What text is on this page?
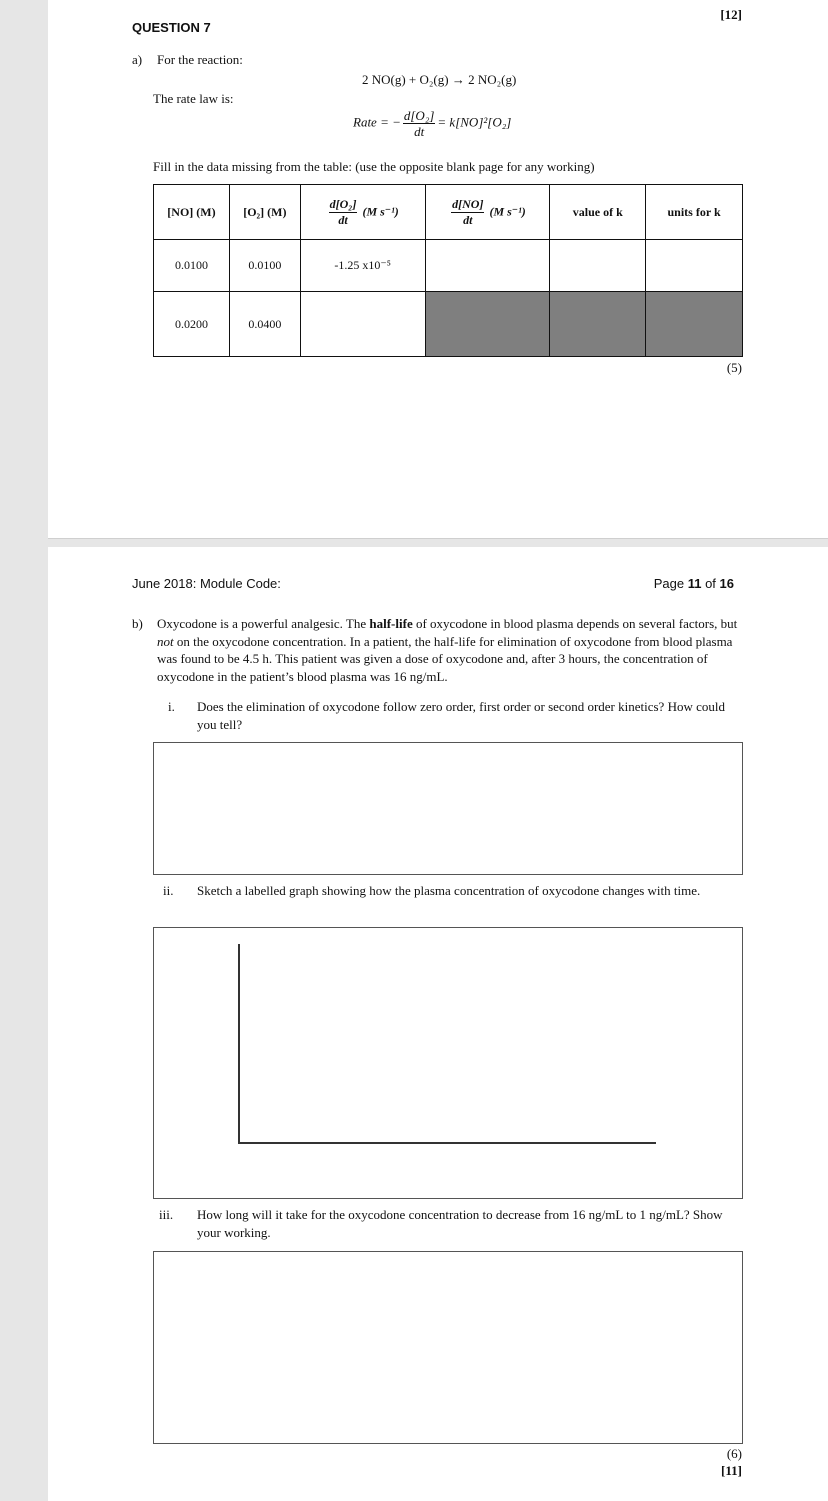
[12]
QUESTION 7
a) For the reaction:
2 NO(g) + O₂(g) → 2 NO₂(g)
The rate law is:
Rate = − $\frac{\text{d[O₂]}}{dt} = k[NO]^2[O_2]$
Fill in the data missing from the table: (use the opposite blank page for any working)
[NO] (M)	[O₂] (M)	$\frac{\text{d[O₂]}}{dt} (M$ s⁻¹)	$\frac{d[NO]}{dt} (M$ s⁻¹)	value of k	units for k
0.0100	0.0100	-1.25 x10⁻⁵			
0.0200	0.0400				
(5)
June 2018: Module Code:	Page 11 of 16
b) Oxycodone is a powerful analgesic. The half-life of oxycodone in blood plasma depends on several factors, but not on the oxycodone concentration. In a patient, the half-life for elimination of oxycodone from blood plasma was found to be 4.5 h. This patient was given a dose of oxycodone and, after 3 hours, the concentration of oxycodone in the patient’s blood plasma was 16 ng/mL.
i. Does the elimination of oxycodone follow zero order, first order or second order kinetics? How could you tell?
ii. Sketch a labelled graph showing how the plasma concentration of oxycodone changes with time.
iii. How long will it take for the oxycodone concentration to decrease from 16 ng/mL to 1 ng/mL? Show your working.
(6)
[11]
